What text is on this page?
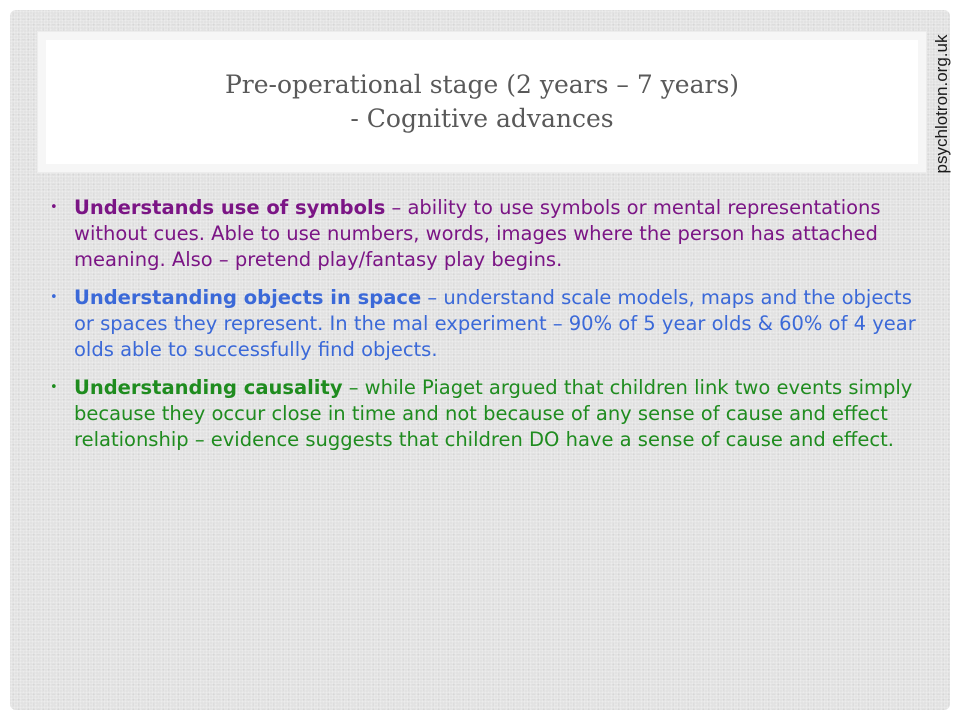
Pre-operational stage (2 years – 7 years)
- Cognitive advances
• Understands use of symbols – ability to use symbols or mental representations without cues. Able to use numbers, words, images where the person has attached meaning. Also – pretend play/fantasy play begins.
• Understanding objects in space – understand scale models, maps and the objects or spaces they represent. In the mal experiment – 90% of 5 year olds & 60% of 4 year olds able to successfully find objects.
• Understanding causality – while Piaget argued that children link two events simply because they occur close in time and not because of any sense of cause and effect relationship – evidence suggests that children DO have a sense of cause and effect.
psychlotron.org.uk
